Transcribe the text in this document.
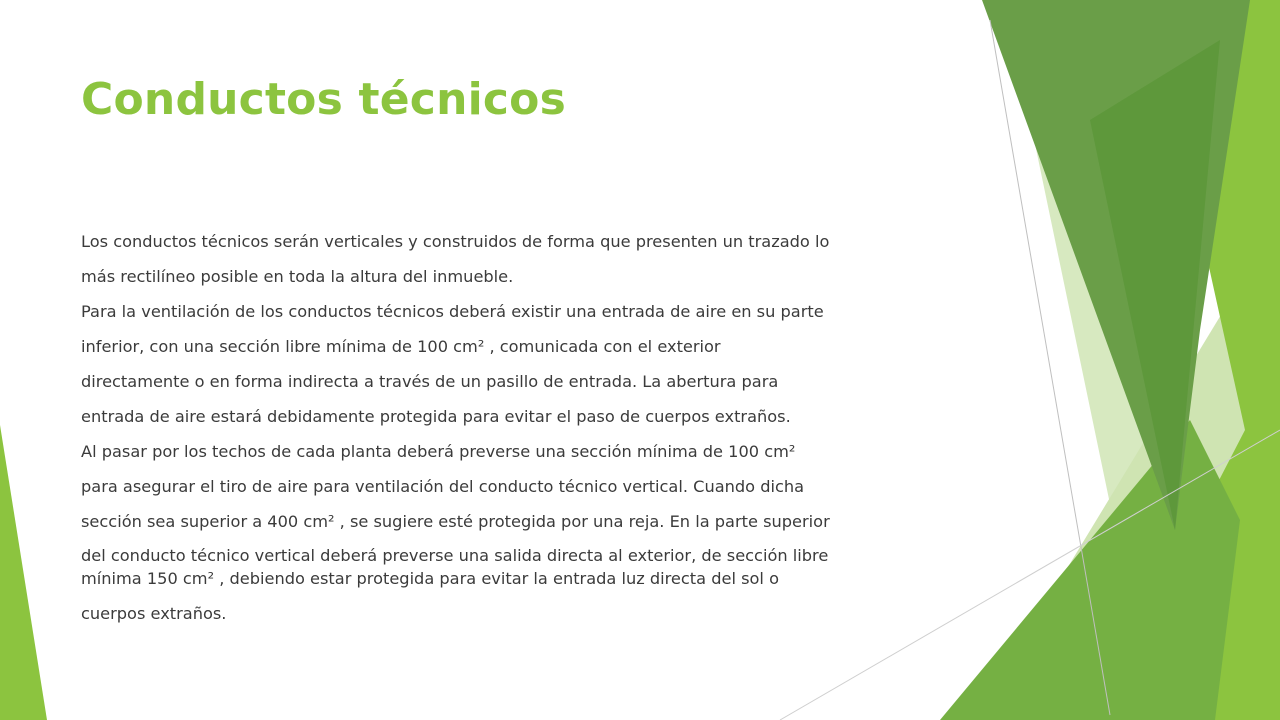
Conductos técnicos
Los conductos técnicos serán verticales y construidos de forma que presenten un trazado lo
más rectilíneo posible en toda la altura del inmueble.
Para la ventilación de los conductos técnicos deberá existir una entrada de aire en su parte
inferior, con una sección libre mínima de 100 cm² , comunicada con el exterior
directamente o en forma indirecta a través de un pasillo de entrada. La abertura para
entrada de aire estará debidamente protegida para evitar el paso de cuerpos extraños.
Al pasar por los techos de cada planta deberá preverse una sección mínima de 100 cm²
para asegurar el tiro de aire para ventilación del conducto técnico vertical. Cuando dicha
sección sea superior a 400 cm² , se sugiere esté protegida por una reja. En la parte superior
del conducto técnico vertical deberá preverse una salida directa al exterior, de sección libre
mínima 150 cm² , debiendo estar protegida para evitar la entrada luz directa del sol o
cuerpos extraños.
